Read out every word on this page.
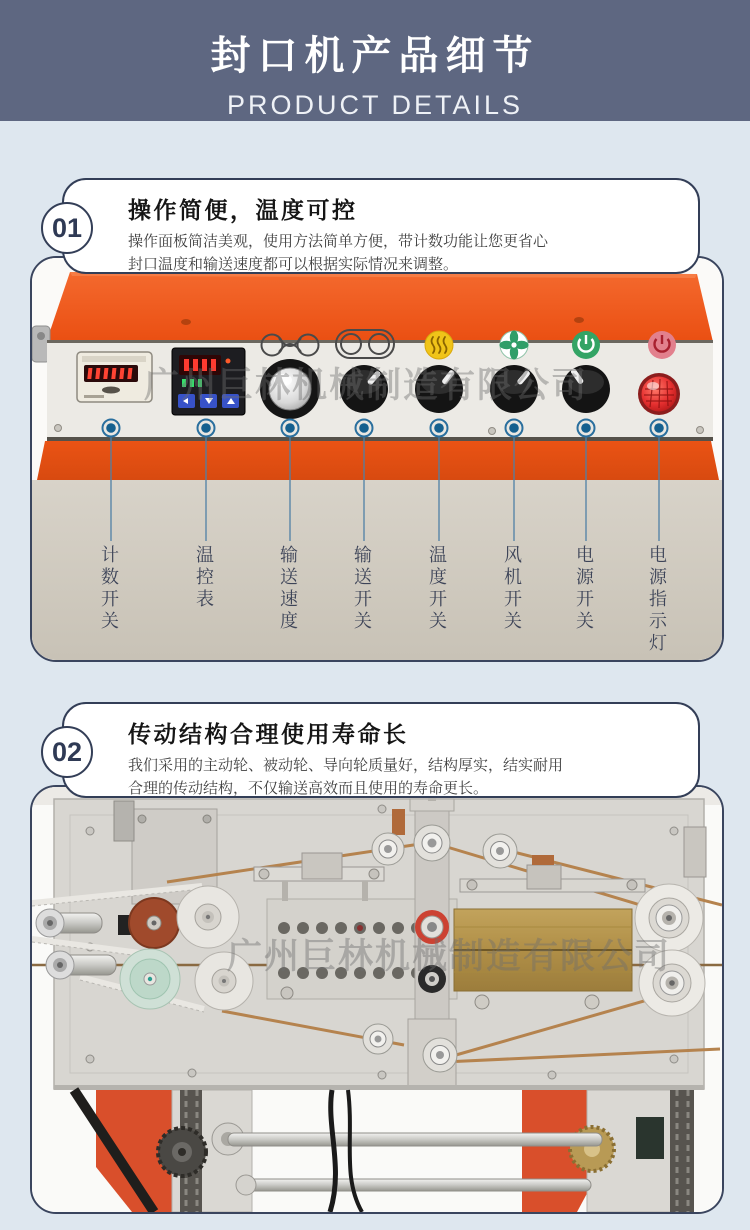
封口机产品细节
PRODUCT DETAILS
广州巨林机械制造有限公司
计数开关	温控表	输送速度	输送开关	温度开关	风机开关	电源开关	电源指示灯
操作简便，温度可控
操作面板简洁美观，使用方法简单方便，带计数功能让您更省心
封口温度和输送速度都可以根据实际情况来调整。
01
广州巨林机械制造有限公司
传动结构合理使用寿命长
我们采用的主动轮、被动轮、导向轮质量好，结构厚实，结实耐用
合理的传动结构，不仅输送高效而且使用的寿命更长。
02
